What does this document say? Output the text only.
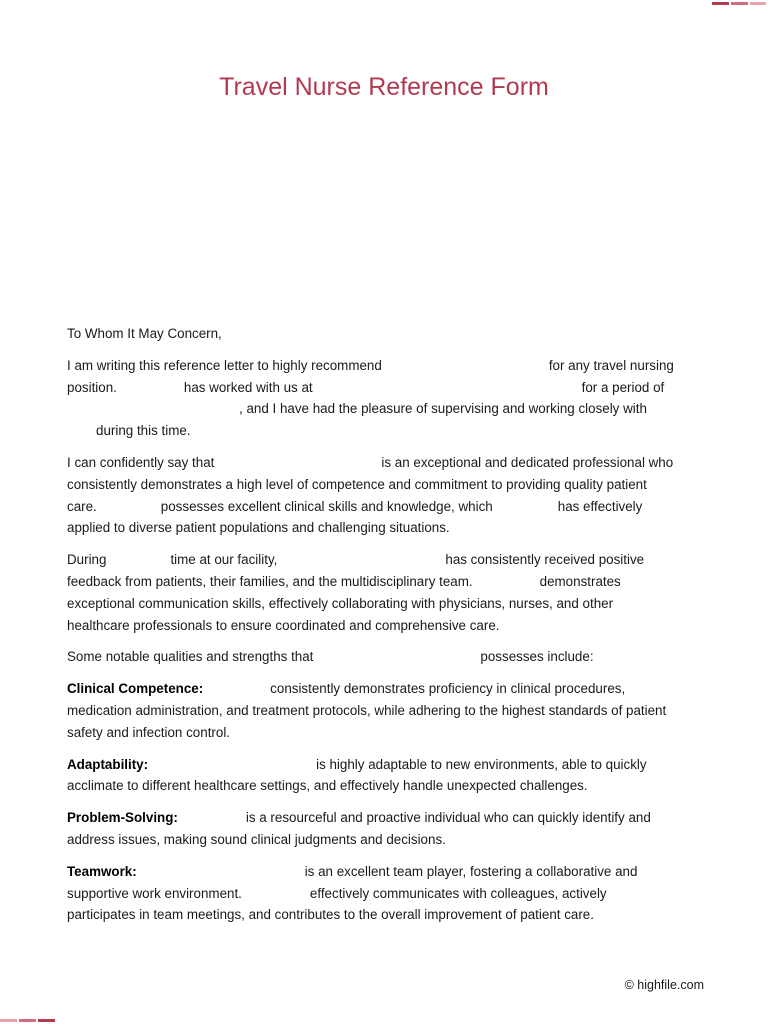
Travel Nurse Reference Form

To Whom It May Concern,

I am writing this reference letter to highly recommend	for any travel nursing
position.	has worked with us at	for a period of
, and I have had the pleasure of supervising and working closely with
during this time.

I can confidently say that	is an exceptional and dedicated professional who
consistently demonstrates a high level of competence and commitment to providing quality patient
care.	possesses excellent clinical skills and knowledge, which	has effectively
applied to diverse patient populations and challenging situations.

During	time at our facility,	has consistently received positive
feedback from patients, their families, and the multidisciplinary team.	demonstrates
exceptional communication skills, effectively collaborating with physicians, nurses, and other
healthcare professionals to ensure coordinated and comprehensive care.

Some notable qualities and strengths that	possesses include:

Clinical Competence:	consistently demonstrates proficiency in clinical procedures,
medication administration, and treatment protocols, while adhering to the highest standards of patient
safety and infection control.

Adaptability:	is highly adaptable to new environments, able to quickly
acclimate to different healthcare settings, and effectively handle unexpected challenges.

Problem-Solving:	is a resourceful and proactive individual who can quickly identify and
address issues, making sound clinical judgments and decisions.

Teamwork:	is an excellent team player, fostering a collaborative and
supportive work environment.	effectively communicates with colleagues, actively
participates in team meetings, and contributes to the overall improvement of patient care.

© highfile.com
